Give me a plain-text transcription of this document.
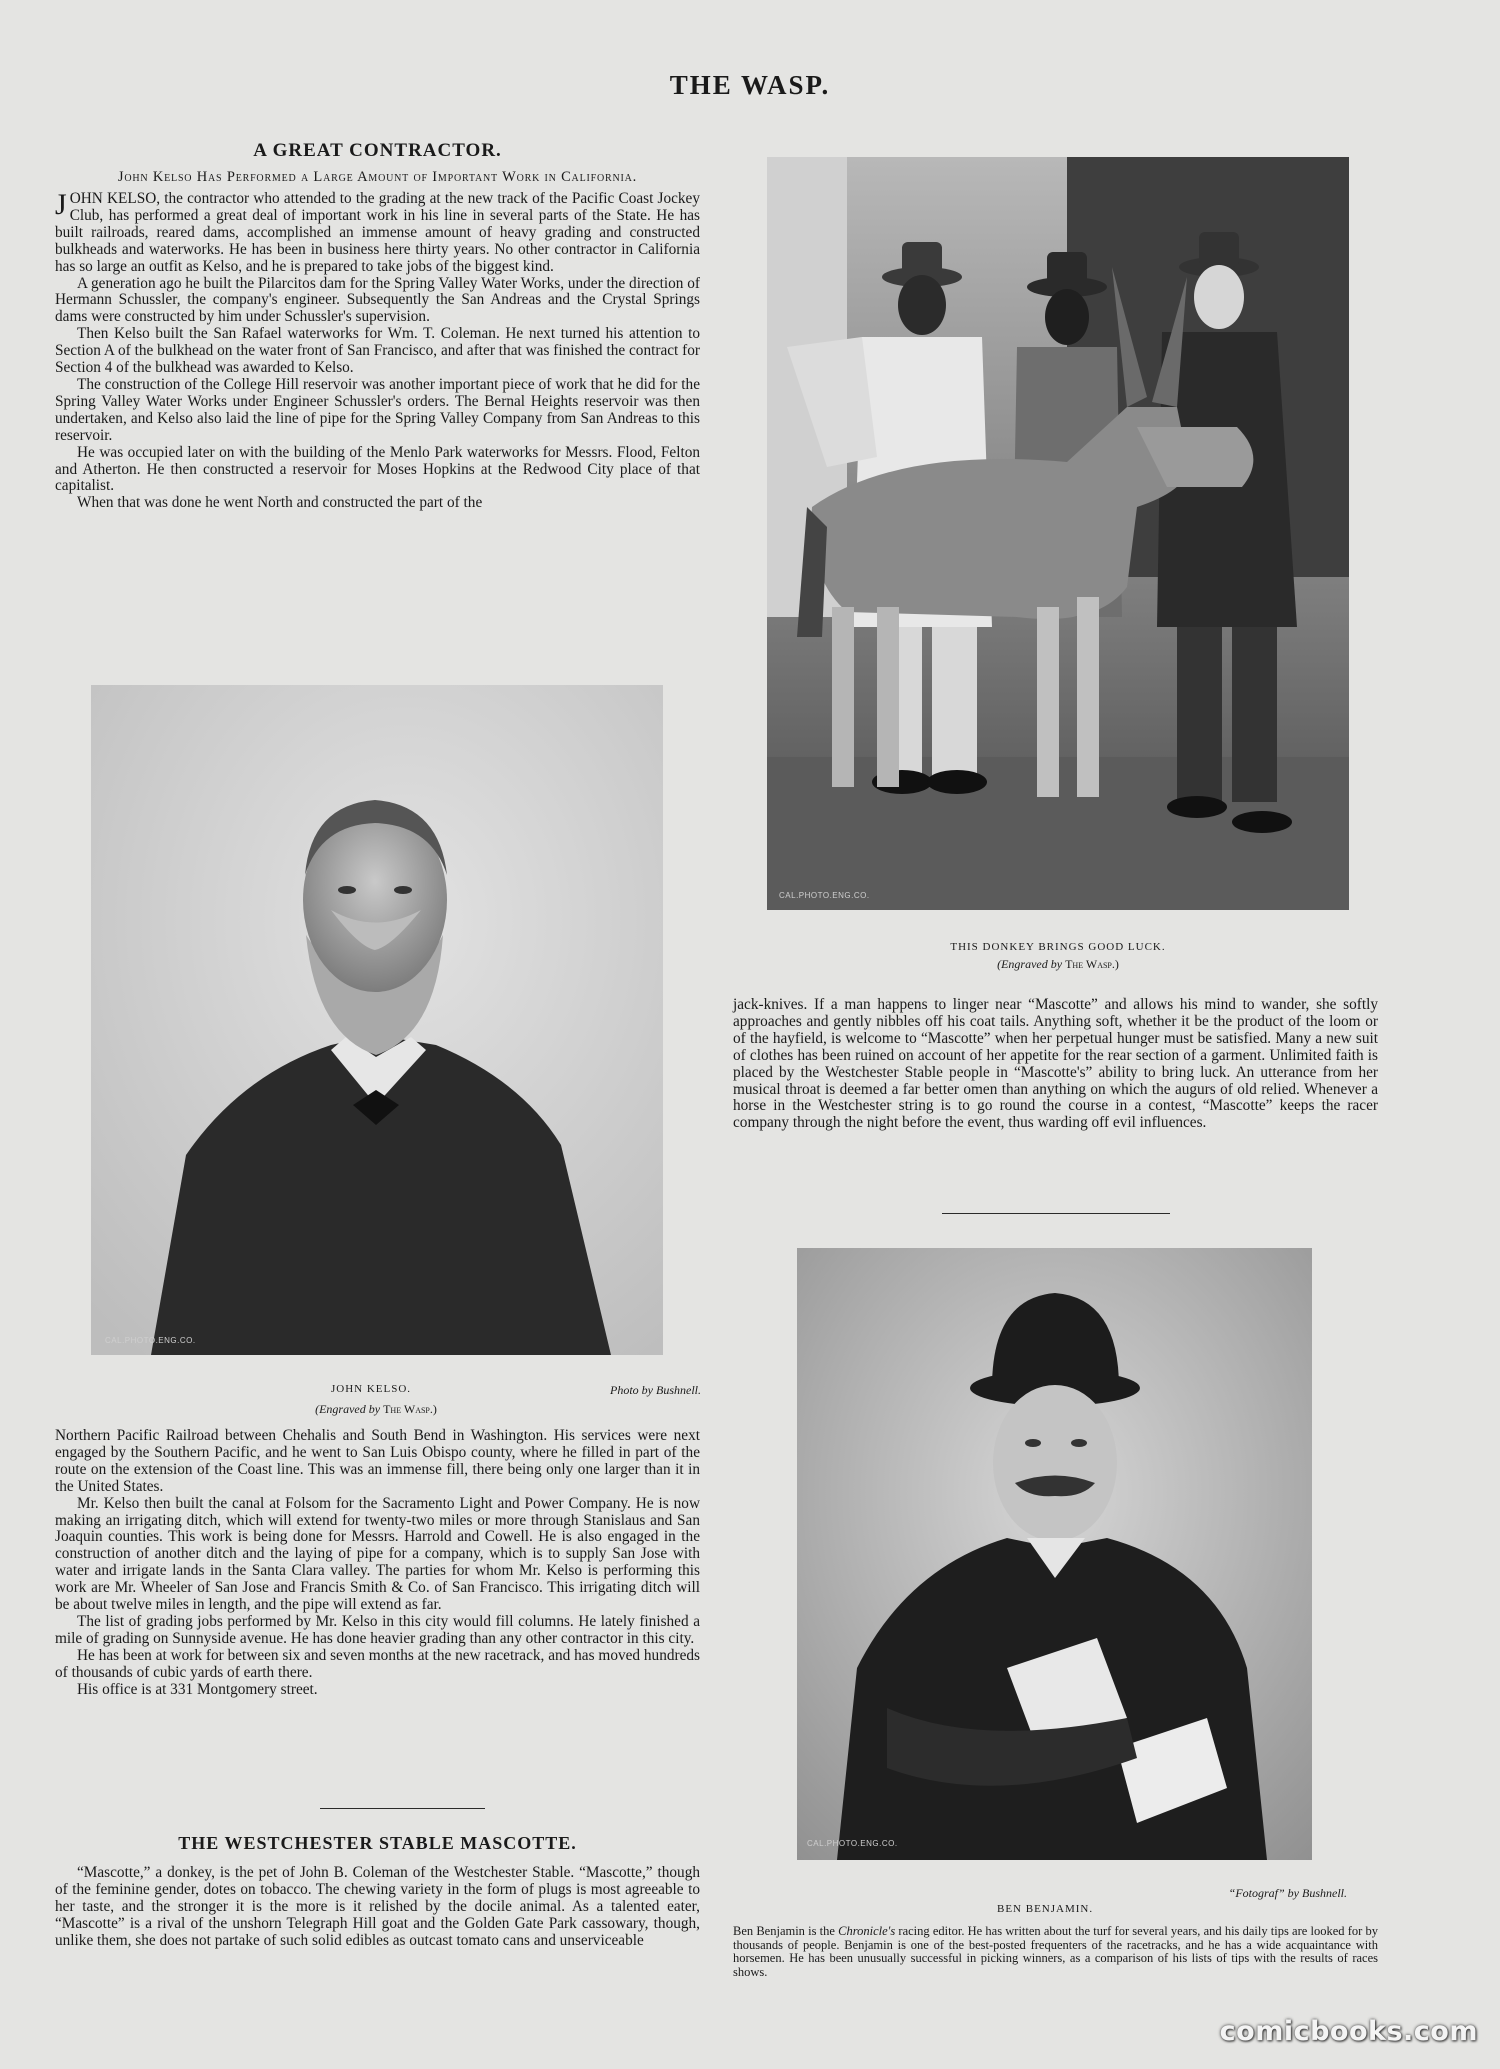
THE WASP.
A GREAT CONTRACTOR.
John Kelso Has Performed a Large Amount of Important Work in California.

JOHN KELSO, the contractor who attended to the grading at the new track of the Pacific Coast Jockey Club, has performed a great deal of important work in his line in several parts of the State. He has built railroads, reared dams, accomplished an immense amount of heavy grading and constructed bulkheads and waterworks. He has been in business here thirty years. No other contractor in California has so large an outfit as Kelso, and he is prepared to take jobs of the biggest kind.

A generation ago he built the Pilarcitos dam for the Spring Valley Water Works, under the direction of Hermann Schussler, the company's engineer. Subsequently the San Andreas and the Crystal Springs dams were constructed by him under Schussler's supervision.

Then Kelso built the San Rafael waterworks for Wm. T. Coleman. He next turned his attention to Section A of the bulkhead on the water front of San Francisco, and after that was finished the contract for Section 4 of the bulkhead was awarded to Kelso.

The construction of the College Hill reservoir was another important piece of work that he did for the Spring Valley Water Works under Engineer Schussler's orders. The Bernal Heights reservoir was then undertaken, and Kelso also laid the line of pipe for the Spring Valley Company from San Andreas to this reservoir.

He was occupied later on with the building of the Menlo Park waterworks for Messrs. Flood, Felton and Atherton. He then constructed a reservoir for Moses Hopkins at the Redwood City place of that capitalist.

When that was done he went North and constructed the part of the

CAL.PHOTO.ENG.CO.
JOHN KELSO.	Photo by Bushnell.
(Engraved by The Wasp.)

Northern Pacific Railroad between Chehalis and South Bend in Washington. His services were next engaged by the Southern Pacific, and he went to San Luis Obispo county, where he filled in part of the route on the extension of the Coast line. This was an immense fill, there being only one larger than it in the United States.

Mr. Kelso then built the canal at Folsom for the Sacramento Light and Power Company. He is now making an irrigating ditch, which will extend for twenty-two miles or more through Stanislaus and San Joaquin counties. This work is being done for Messrs. Harrold and Cowell. He is also engaged in the construction of another ditch and the laying of pipe for a company, which is to supply San Jose with water and irrigate lands in the Santa Clara valley. The parties for whom Mr. Kelso is performing this work are Mr. Wheeler of San Jose and Francis Smith & Co. of San Francisco. This irrigating ditch will be about twelve miles in length, and the pipe will extend as far.

The list of grading jobs performed by Mr. Kelso in this city would fill columns. He lately finished a mile of grading on Sunnyside avenue. He has done heavier grading than any other contractor in this city.

He has been at work for between six and seven months at the new racetrack, and has moved hundreds of thousands of cubic yards of earth there.

His office is at 331 Montgomery street.

THE WESTCHESTER STABLE MASCOTTE.

“Mascotte,” a donkey, is the pet of John B. Coleman of the Westchester Stable. “Mascotte,” though of the feminine gender, dotes on tobacco. The chewing variety in the form of plugs is most agreeable to her taste, and the stronger it is the more is it relished by the docile animal. As a talented eater, “Mascotte” is a rival of the unshorn Telegraph Hill goat and the Golden Gate Park cassowary, though, unlike them, she does not partake of such solid edibles as outcast tomato cans and unserviceable

CAL.PHOTO.ENG.CO.
THIS DONKEY BRINGS GOOD LUCK.
(Engraved by The Wasp.)

jack-knives. If a man happens to linger near “Mascotte” and allows his mind to wander, she softly approaches and gently nibbles off his coat tails. Anything soft, whether it be the product of the loom or of the hayfield, is welcome to “Mascotte” when her perpetual hunger must be satisfied. Many a new suit of clothes has been ruined on account of her appetite for the rear section of a garment. Unlimited faith is placed by the Westchester Stable people in “Mascotte's” ability to bring luck. An utterance from her musical throat is deemed a far better omen than anything on which the augurs of old relied. Whenever a horse in the Westchester string is to go round the course in a contest, “Mascotte” keeps the racer company through the night before the event, thus warding off evil influences.

CAL.PHOTO.ENG.CO.
“Fotograf” by Bushnell.
BEN BENJAMIN.

Ben Benjamin is the Chronicle's racing editor. He has written about the turf for several years, and his daily tips are looked for by thousands of people. Benjamin is one of the best-posted frequenters of the racetracks, and he has a wide acquaintance with horsemen. He has been unusually successful in picking winners, as a comparison of his lists of tips with the results of races shows.

comicbooks.com
